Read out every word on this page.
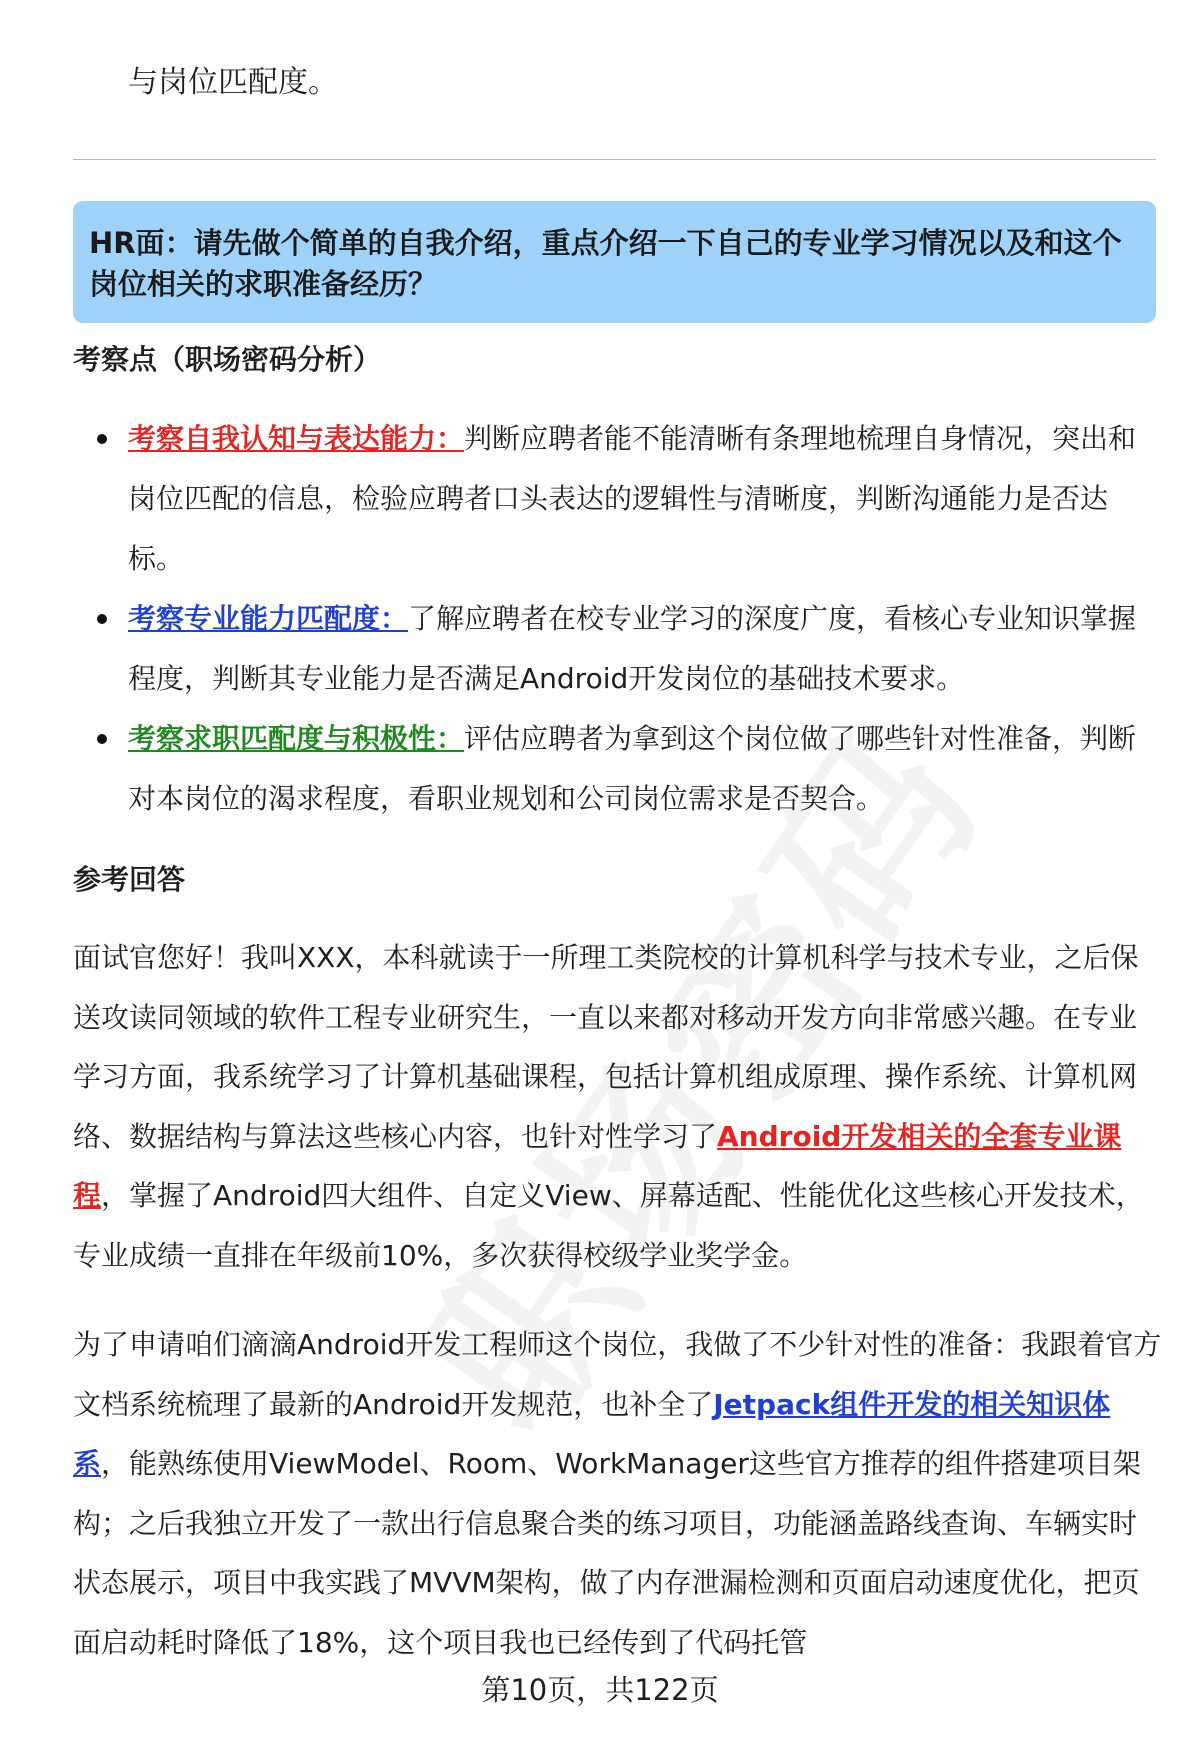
与岗位匹配度。
HR面：请先做个简单的自我介绍，重点介绍一下自己的专业学习情况以及和这个岗位相关的求职准备经历？
考察点（职场密码分析）
考察自我认知与表达能力：判断应聘者能不能清晰有条理地梳理自身情况，突出和岗位匹配的信息，检验应聘者口头表达的逻辑性与清晰度，判断沟通能力是否达标。
考察专业能力匹配度：了解应聘者在校专业学习的深度广度，看核心专业知识掌握程度，判断其专业能力是否满足Android开发岗位的基础技术要求。
考察求职匹配度与积极性：评估应聘者为拿到这个岗位做了哪些针对性准备，判断对本岗位的渴求程度，看职业规划和公司岗位需求是否契合。
参考回答

面试官您好！我叫XXX，本科就读于一所理工类院校的计算机科学与技术专业，之后保送攻读同领域的软件工程专业研究生，一直以来都对移动开发方向非常感兴趣。在专业学习方面，我系统学习了计算机基础课程，包括计算机组成原理、操作系统、计算机网络、数据结构与算法这些核心内容，也针对性学习了Android开发相关的全套专业课程，掌握了Android四大组件、自定义View、屏幕适配、性能优化这些核心开发技术，专业成绩一直排在年级前10%，多次获得校级学业奖学金。

为了申请咱们滴滴Android开发工程师这个岗位，我做了不少针对性的准备：我跟着官方文档系统梳理了最新的Android开发规范，也补全了Jetpack组件开发的相关知识体系，能熟练使用ViewModel、Room、WorkManager这些官方推荐的组件搭建项目架构；之后我独立开发了一款出行信息聚合类的练习项目，功能涵盖路线查询、车辆实时状态展示，项目中我实践了MVVM架构，做了内存泄漏检测和页面启动速度优化，把页面启动耗时降低了18%，这个项目我也已经传到了代码托管

第10页，共122页
